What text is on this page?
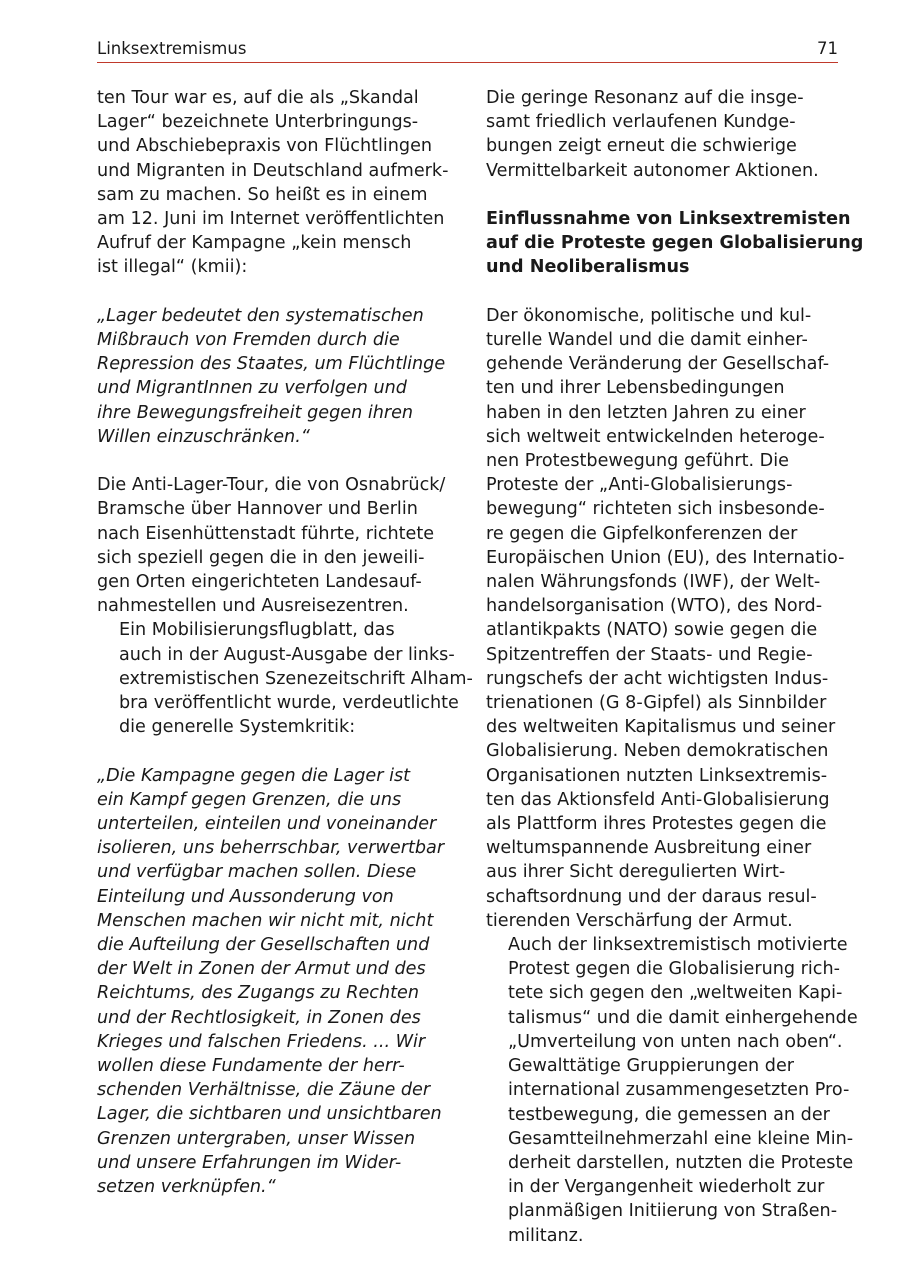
Linksextremismus	71

ten Tour war es, auf die als „Skandal
Lager“ bezeichnete Unterbringungs-
und Abschiebepraxis von Flüchtlingen
und Migranten in Deutschland aufmerk-
sam zu machen. So heißt es in einem
am 12. Juni im Internet veröffentlichten
Aufruf der Kampagne „kein mensch
ist illegal“ (kmii):

„Lager bedeutet den systematischen
Mißbrauch von Fremden durch die
Repression des Staates, um Flüchtlinge
und MigrantInnen zu verfolgen und
ihre Bewegungsfreiheit gegen ihren
Willen einzuschränken.“

Die Anti-Lager-Tour, die von Osnabrück/
Bramsche über Hannover und Berlin
nach Eisenhüttenstadt führte, richtete
sich speziell gegen die in den jeweili-
gen Orten eingerichteten Landesauf-
nahmestellen und Ausreisezentren.

Ein Mobilisierungsflugblatt, das
auch in der August-Ausgabe der links-
extremistischen Szenezeitschrift Alham-
bra veröffentlicht wurde, verdeutlichte
die generelle Systemkritik:

„Die Kampagne gegen die Lager ist
ein Kampf gegen Grenzen, die uns
unterteilen, einteilen und voneinander
isolieren, uns beherrschbar, verwertbar
und verfügbar machen sollen. Diese
Einteilung und Aussonderung von
Menschen machen wir nicht mit, nicht
die Aufteilung der Gesellschaften und
der Welt in Zonen der Armut und des
Reichtums, des Zugangs zu Rechten
und der Rechtlosigkeit, in Zonen des
Krieges und falschen Friedens. ... Wir
wollen diese Fundamente der herr-
schenden Verhältnisse, die Zäune der
Lager, die sichtbaren und unsichtbaren
Grenzen untergraben, unser Wissen
und unsere Erfahrungen im Wider-
setzen verknüpfen.“

Die geringe Resonanz auf die insge-
samt friedlich verlaufenen Kundge-
bungen zeigt erneut die schwierige
Vermittelbarkeit autonomer Aktionen.

Einflussnahme von Linksextremisten
auf die Proteste gegen Globalisierung
und Neoliberalismus

Der ökonomische, politische und kul-
turelle Wandel und die damit einher-
gehende Veränderung der Gesellschaf-
ten und ihrer Lebensbedingungen
haben in den letzten Jahren zu einer
sich weltweit entwickelnden heteroge-
nen Protestbewegung geführt. Die
Proteste der „Anti-Globalisierungs-
bewegung“ richteten sich insbesonde-
re gegen die Gipfelkonferenzen der
Europäischen Union (EU), des Internatio-
nalen Währungsfonds (IWF), der Welt-
handelsorganisation (WTO), des Nord-
atlantikpakts (NATO) sowie gegen die
Spitzentreffen der Staats- und Regie-
rungschefs der acht wichtigsten Indus-
trienationen (G 8-Gipfel) als Sinnbilder
des weltweiten Kapitalismus und seiner
Globalisierung. Neben demokratischen
Organisationen nutzten Linksextremis-
ten das Aktionsfeld Anti-Globalisierung
als Plattform ihres Protestes gegen die
weltumspannende Ausbreitung einer
aus ihrer Sicht deregulierten Wirt-
schaftsordnung und der daraus resul-
tierenden Verschärfung der Armut.

Auch der linksextremistisch motivierte
Protest gegen die Globalisierung rich-
tete sich gegen den „weltweiten Kapi-
talismus“ und die damit einhergehende
„Umverteilung von unten nach oben“.
Gewalttätige Gruppierungen der
international zusammengesetzten Pro-
testbewegung, die gemessen an der
Gesamtteilnehmerzahl eine kleine Min-
derheit darstellen, nutzten die Proteste
in der Vergangenheit wiederholt zur
planmäßigen Initiierung von Straßen-
militanz.
